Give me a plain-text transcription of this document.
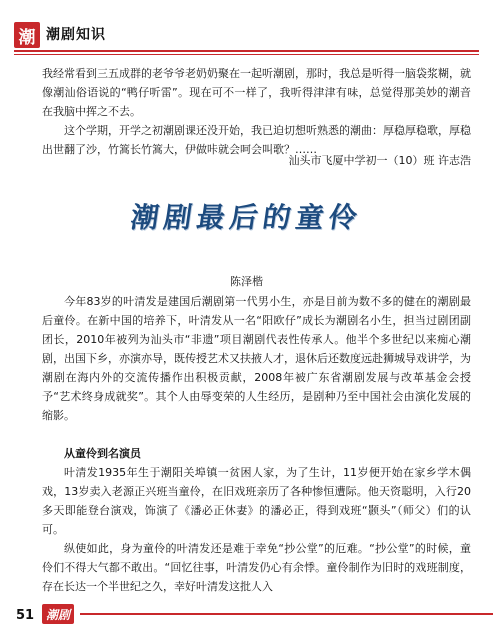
潮 潮剧知识
我经常看到三五成群的老爷爷老奶奶聚在一起听潮剧，那时，我总是听得一脑袋浆糊，就像潮汕俗语说的“鸭仔听雷”。现在可不一样了，我听得津津有味，总觉得那美妙的潮音在我脑中挥之不去。
这个学期，开学之初潮剧课还没开始，我已迫切想听熟悉的潮曲：厚稳厚稳歌，厚稳出世翻了沙，竹篙长竹篙大，伊做咔就会呵会叫歌？……
汕头市飞厦中学初一（10）班 许志浩
潮剧最后的童伶
陈泽楷
今年83岁的叶清发是建国后潮剧第一代男小生，亦是目前为数不多的健在的潮剧最后童伶。在新中国的培养下，叶清发从一名“阳欧仔”成长为潮剧名小生，担当过剧团副团长，2010年被列为汕头市“非遗”项目潮剧代表性传承人。他半个多世纪以来痴心潮剧，出国下乡，亦演亦导，既传授艺术又扶掖人才，退休后还数度远赴狮城导戏讲学，为潮剧在海内外的交流传播作出积极贡献，2008年被广东省潮剧发展与改革基金会授予“艺术终身成就奖”。其个人由辱变荣的人生经历，是剧种乃至中国社会由演化发展的缩影。
从童伶到名演员
叶清发1935年生于潮阳关埠镇一贫困人家，为了生计，11岁便开始在家乡学木偶戏，13岁卖入老源正兴班当童伶，在旧戏班亲历了各种惨恒遭际。他天资聪明，入行20多天即能登台演戏，饰演了《潘必正休妻》的潘必正，得到戏班“颢头”（师父）们的认可。
纵使如此，身为童伶的叶清发还是难于幸免“抄公堂”的厄难。“抄公堂”的时候，童伶们不得大气都不敢出。“回忆往事，叶清发仍心有余悸。童伶制作为旧时的戏班制度，存在长达一个半世纪之久，幸好叶清发这批人入
51 潮剧
